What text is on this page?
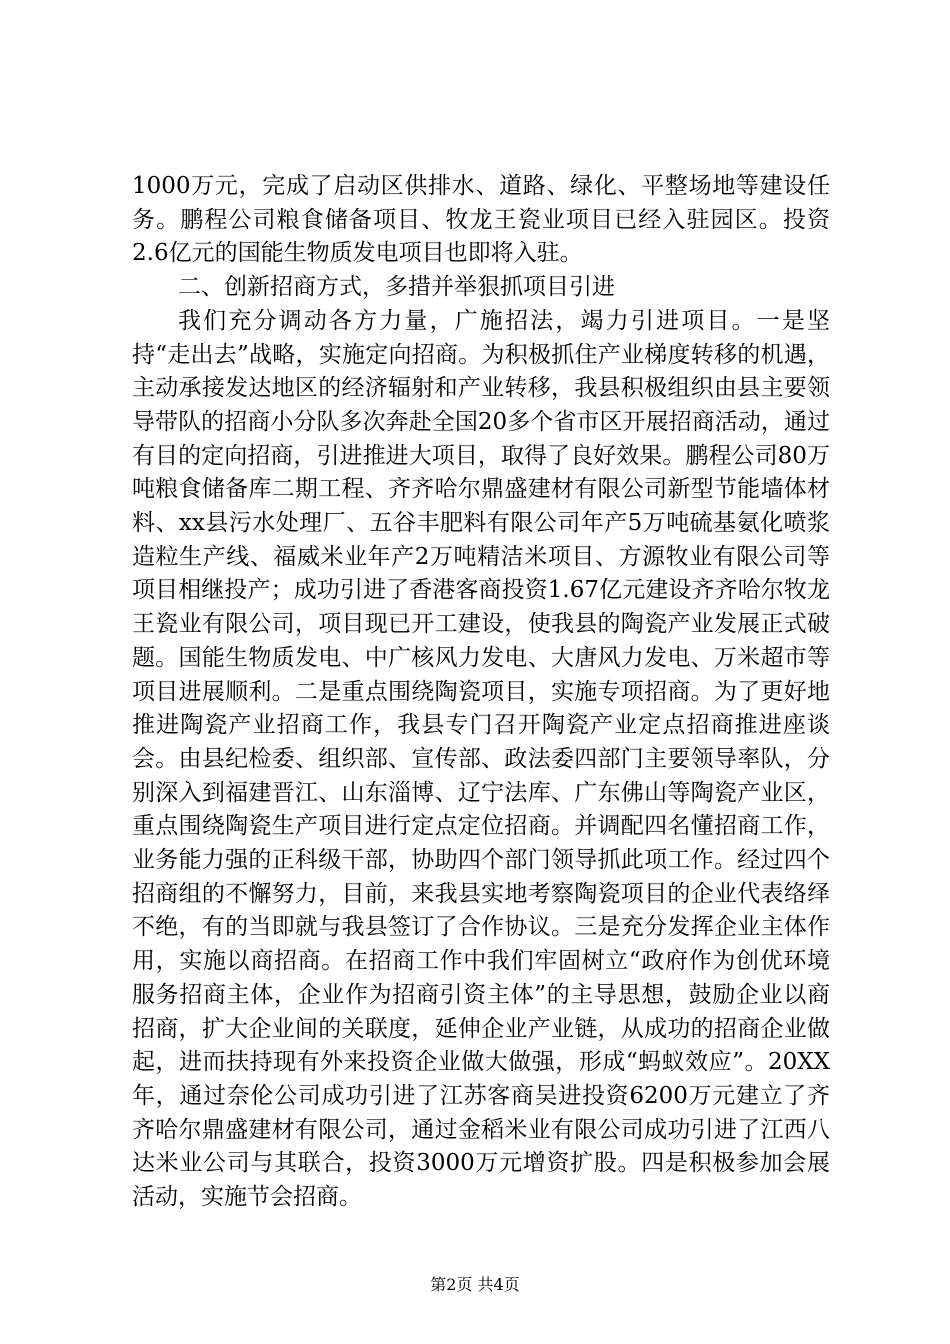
1000万元，完成了启动区供排水、道路、绿化、平整场地等建设任务。鹏程公司粮食储备项目、牧龙王瓷业项目已经入驻园区。投资2.6亿元的国能生物质发电项目也即将入驻。

二、创新招商方式，多措并举狠抓项目引进

我们充分调动各方力量，广施招法，竭力引进项目。一是坚持“走出去”战略，实施定向招商。为积极抓住产业梯度转移的机遇，主动承接发达地区的经济辐射和产业转移，我县积极组织由县主要领导带队的招商小分队多次奔赴全国20多个省市区开展招商活动，通过有目的定向招商，引进推进大项目，取得了良好效果。鹏程公司80万吨粮食储备库二期工程、齐齐哈尔鼎盛建材有限公司新型节能墙体材料、xx县污水处理厂、五谷丰肥料有限公司年产5万吨硫基氨化喷浆造粒生产线、福威米业年产2万吨精洁米项目、方源牧业有限公司等项目相继投产；成功引进了香港客商投资1.67亿元建设齐齐哈尔牧龙王瓷业有限公司，项目现已开工建设，使我县的陶瓷产业发展正式破题。国能生物质发电、中广核风力发电、大唐风力发电、万米超市等项目进展顺利。二是重点围绕陶瓷项目，实施专项招商。为了更好地推进陶瓷产业招商工作，我县专门召开陶瓷产业定点招商推进座谈会。由县纪检委、组织部、宣传部、政法委四部门主要领导率队，分别深入到福建晋江、山东淄博、辽宁法库、广东佛山等陶瓷产业区，重点围绕陶瓷生产项目进行定点定位招商。并调配四名懂招商工作，业务能力强的正科级干部，协助四个部门领导抓此项工作。经过四个招商组的不懈努力，目前，来我县实地考察陶瓷项目的企业代表络绎不绝，有的当即就与我县签订了合作协议。三是充分发挥企业主体作用，实施以商招商。在招商工作中我们牢固树立“政府作为创优环境服务招商主体，企业作为招商引资主体”的主导思想，鼓励企业以商招商，扩大企业间的关联度，延伸企业产业链，从成功的招商企业做起，进而扶持现有外来投资企业做大做强，形成“蚂蚁效应”。20XX年，通过奈伦公司成功引进了江苏客商吴进投资6200万元建立了齐齐哈尔鼎盛建材有限公司，通过金稻米业有限公司成功引进了江西八达米业公司与其联合，投资3000万元增资扩股。四是积极参加会展活动，实施节会招商。

第2页 共4页
